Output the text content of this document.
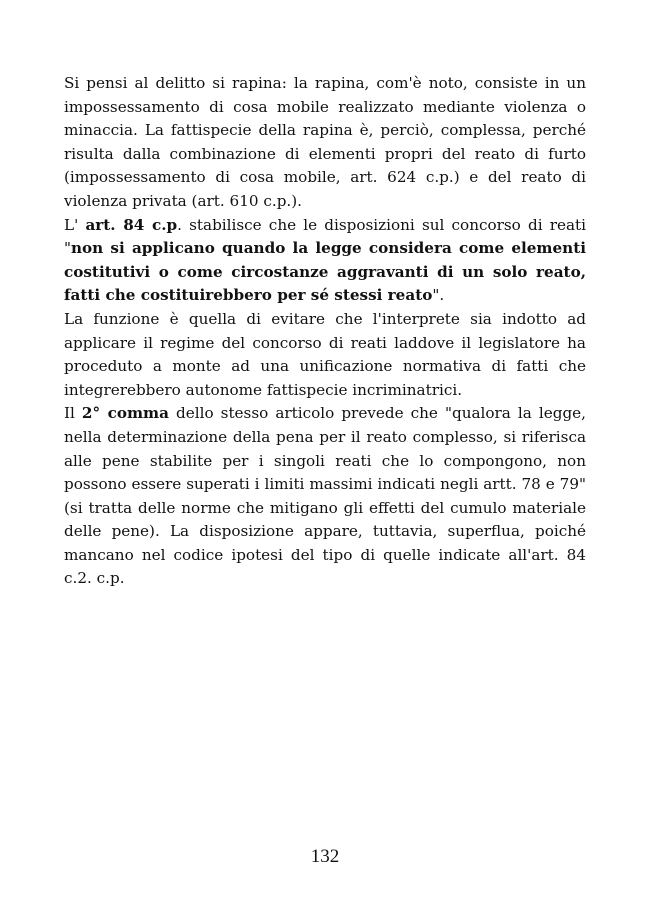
Si pensi al delitto si rapina: la rapina, com'è noto, consiste in un impossessamento di cosa mobile realizzato mediante violenza o minaccia. La fattispecie della rapina è, perciò, complessa, perché risulta dalla combinazione di elementi propri del reato di furto (impossessamento di cosa mobile, art. 624 c.p.) e del reato di violenza privata (art. 610 c.p.).

L' art. 84 c.p. stabilisce che le disposizioni sul concorso di reati "non si applicano quando la legge considera come elementi costitutivi o come circostanze aggravanti di un solo reato, fatti che costituirebbero per sé stessi reato".

La funzione è quella di evitare che l'interprete sia indotto ad applicare il regime del concorso di reati laddove il legislatore ha proceduto a monte ad una unificazione normativa di fatti che integrerebbero autonome fattispecie incriminatrici.

Il 2° comma dello stesso articolo prevede che "qualora la legge, nella determinazione della pena per il reato complesso, si riferisca alle pene stabilite per i singoli reati che lo compongono, non possono essere superati i limiti massimi indicati negli artt. 78 e 79" (si tratta delle norme che mitigano gli effetti del cumulo materiale delle pene). La disposizione appare, tuttavia, superflua, poiché mancano nel codice ipotesi del tipo di quelle indicate all'art. 84 c.2. c.p.

132
